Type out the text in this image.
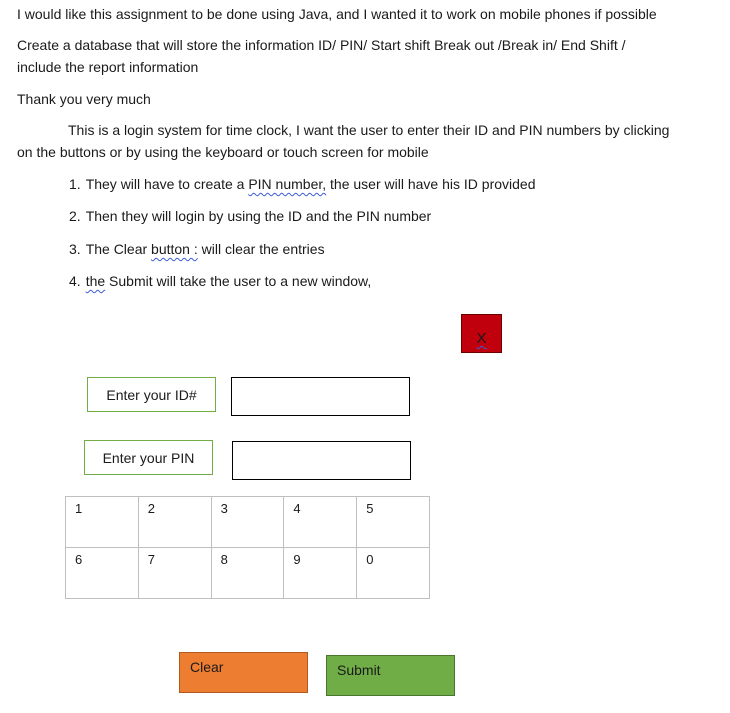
I would like this assignment to be done using Java, and I wanted it to work on mobile phones if possible
Create a database that will store the information ID/ PIN/ Start shift Break out /Break in/ End Shift /
include the report information
Thank you very much
This is a login system for time clock, I want the user to enter their ID and PIN numbers by clicking
on the buttons or by using the keyboard or touch screen for mobile
1. They will have to create a PIN number, the user will have his ID provided
2. Then they will login by using the ID and the PIN number
3. The Clear button : will clear the entries
4. the Submit will take the user to a new window,
X
Enter your ID#
Enter your PIN
1	2	3	4	5
6	7	8	9	0
Clear	Submit
